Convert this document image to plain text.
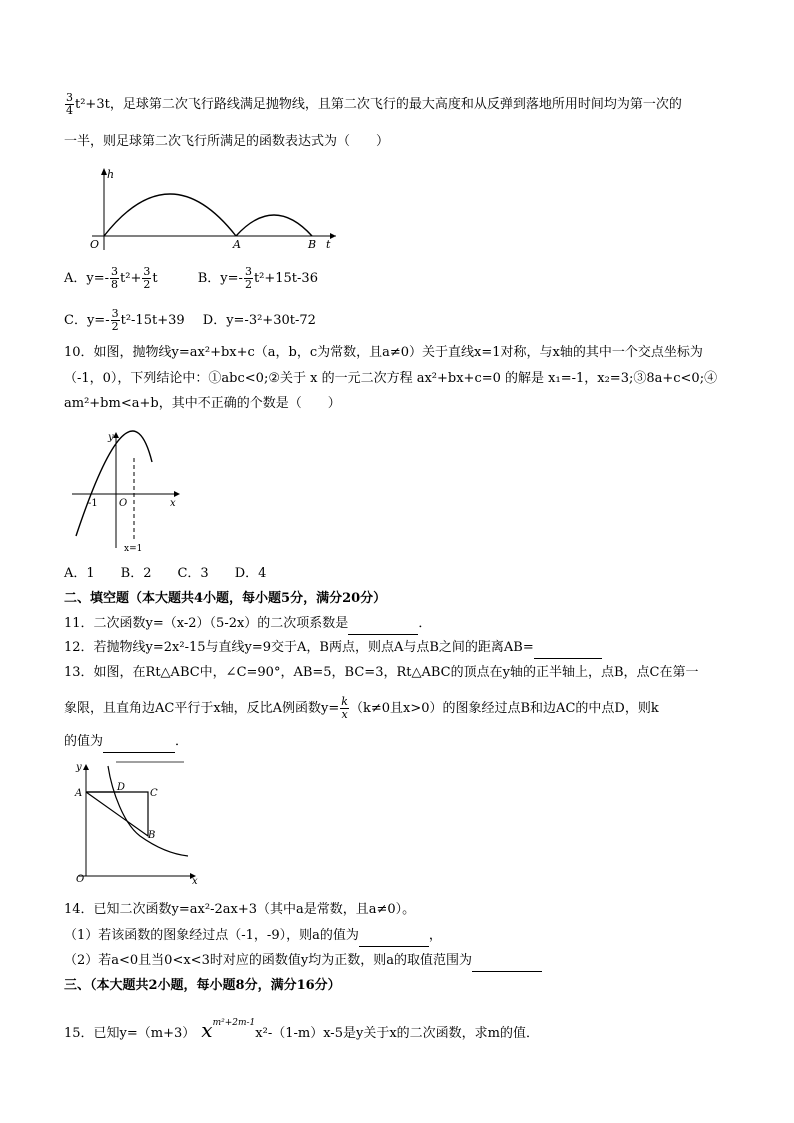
$\frac{3}{4} t^2+3t$，足球第二次飞行路线满足抛物线，且第二次飞行的最大高度和从反弹到落地所用时间均为第一次的
一半，则足球第二次飞行所满足的函数表达式为（　　）
h
O	A	B t
A．$y=- \frac{3}{8} t^2+ \frac{3}{2}$ t	B．$y=- \frac{3}{2} t^2+15t-36$
C．$y=- \frac{3}{2} t^2-15t+39$ D．y=-3²+30t-72
10．如图，抛物线y=ax²+bx+c（a，b，c为常数，且a≠0）关于直线x=1对称，与x轴的其中一个交点坐标为
（-1，0），下列结论中：①abc<0;②关于 x 的一元二次方程 ax²+bx+c=0 的解是 x₁=-1，x₂=3;③8a+c<0;④
am²+bm<a+b，其中不正确的个数是（　　）
y
x
-1 O
x=1
A．1　　B．2　　C．3　　D．4
二、填空题（本大题共4小题，每小题5分，满分20分）
11．二次函数y=（x-2）（5-2x）的二次项系数是	．
12．若抛物线y=2x²-15与直线y=9交于A，B两点，则点A与点B之间的距离AB=
13．如图，在Rt△ABC中，∠C=90°，AB=5，BC=3，Rt△ABC的顶点在y轴的正半轴上，点B，点C在第一
象限，且直角边AC平行于x轴，反比A例函数$y= \frac{k}{x} (k\ne 0$且x>0）的图象经过点B和边AC的中点D，则k
的值为	．
y
A
D
C
B
O	x
14．已知二次函数y=ax²-2ax+3（其中a是常数，且a≠0）。
（1）若该函数的图象经过点（-1，-9），则a的值为	，
（2）若a<0且当0<x<3时对应的函数值y均为正数，则a的取值范围为
三、（本大题共2小题，每小题8分，满分16分）
15．已知y=（m+3） $x^{m^2+2m-1}x^2-(1-m)x-5$是y关于x的二次函数，求m的值．
